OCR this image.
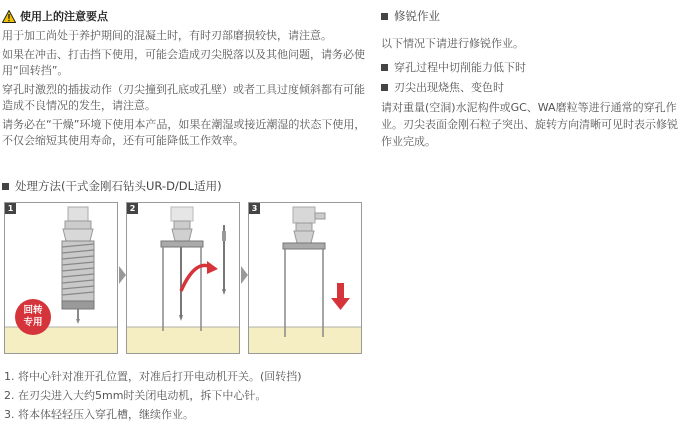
使用上的注意要点

用于加工尚处于养护期间的混凝土时，有时刃部磨损较快，请注意。

如果在冲击、打击挡下使用，可能会造成刃尖脱落以及其他问题，请务必使用“回转挡”。

穿孔时激烈的插拔动作（刃尖撞到孔底或孔壁）或者工具过度倾斜都有可能造成不良情况的发生，请注意。

请务必在“干燥”环境下使用本产品，如果在潮湿或接近潮湿的状态下使用，不仅会缩短其使用寿命，还有可能降低工作效率。

修锐作业
以下情况下请进行修锐作业。
穿孔过程中切削能力低下时
刃尖出现烧焦、变色时
请对重量(空洞)水泥构件或GC、WA磨粒等进行通常的穿孔作业。刃尖表面金刚石粒子突出、旋转方向清晰可见时表示修锐作业完成。
处理方法(干式金刚石钻头UR-D/DL适用)
1
回转
专用
2	3
1. 将中心针对准开孔位置，对准后打开电动机开关。(回转挡)
2. 在刃尖进入大约5mm时关闭电动机，拆下中心针。
3. 将本体轻轻压入穿孔槽，继续作业。
